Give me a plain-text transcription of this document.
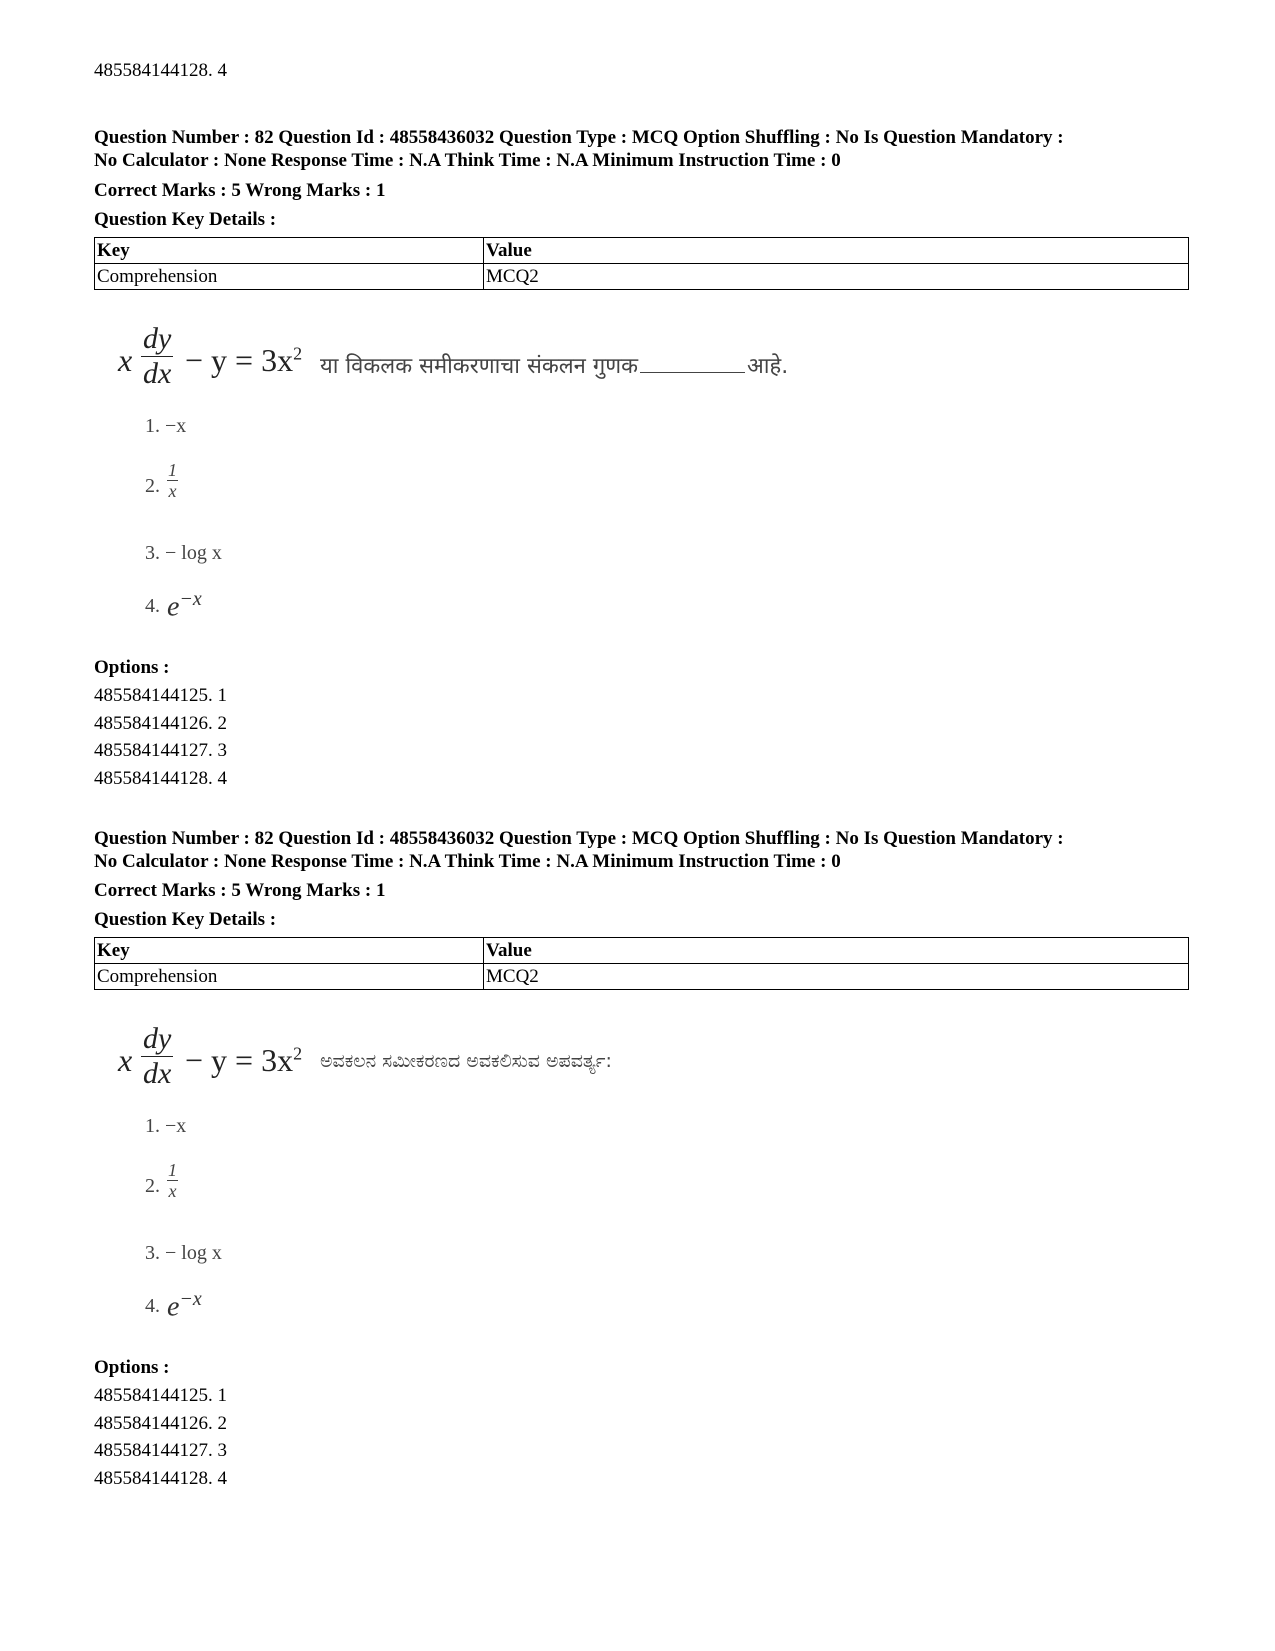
485584144128. 4
Question Number : 82 Question Id : 48558436032 Question Type : MCQ Option Shuffling : No Is Question Mandatory :
No Calculator : None Response Time : N.A Think Time : N.A Minimum Instruction Time : 0
Correct Marks : 5 Wrong Marks : 1
Question Key Details :
Key	Value
Comprehension	MCQ2
x $\frac{dy}{dx} - y = 3x^2$
या विकलक समीकरणाचा संकलन गुणक	आहे.
1. −x
2. $\frac{1}{x}$
3. − log x
4. $e^{-x}$
Options :
485584144125. 1
485584144126. 2
485584144127. 3
485584144128. 4
Question Number : 82 Question Id : 48558436032 Question Type : MCQ Option Shuffling : No Is Question Mandatory :
No Calculator : None Response Time : N.A Think Time : N.A Minimum Instruction Time : 0
Correct Marks : 5 Wrong Marks : 1
Question Key Details :
Key	Value
Comprehension	MCQ2
x $\frac{dy}{dx} - y = 3x^2$ ಅವಕಲನ ಸಮೀಕರಣದ ಅವಕಲಿಸುವ ಅಪವರ್ತ್ಯ:
1. −x
2. $\frac{1}{x}$
3. − log x
4. $e^{-x}$
Options :
485584144125. 1
485584144126. 2
485584144127. 3
485584144128. 4
